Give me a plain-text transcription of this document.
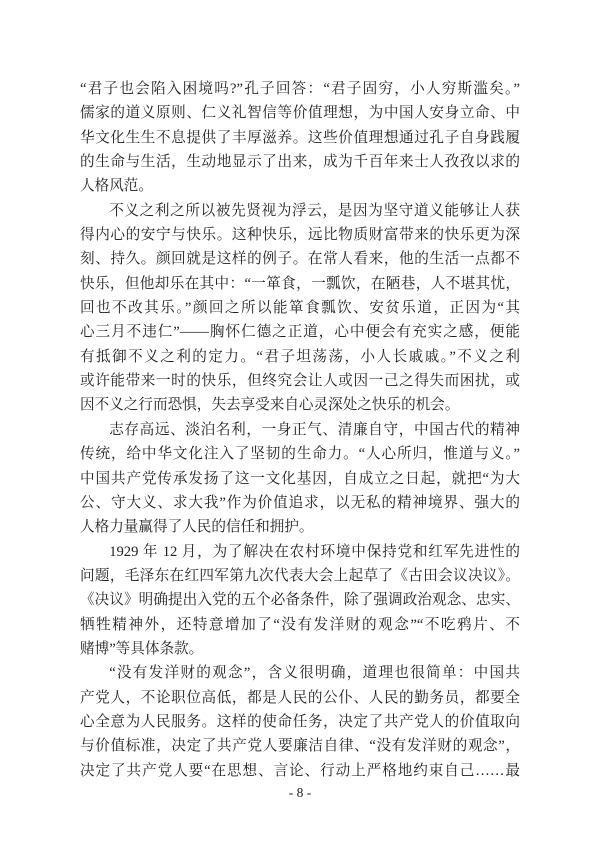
“君子也会陷入困境吗?”孔子回答：“君子固穷，小人穷斯滥矣。”
儒家的道义原则、仁义礼智信等价值理想，为中国人安身立命、中
华文化生生不息提供了丰厚滋养。这些价值理想通过孔子自身践履
的生命与生活，生动地显示了出来，成为千百年来士人孜孜以求的
人格风范。
不义之利之所以被先贤视为浮云，是因为坚守道义能够让人获
得内心的安宁与快乐。这种快乐，远比物质财富带来的快乐更为深
刻、持久。颜回就是这样的例子。在常人看来，他的生活一点都不
快乐，但他却乐在其中：“一箪食，一瓢饮，在陋巷，人不堪其忧，
回也不改其乐。”颜回之所以能箪食瓢饮、安贫乐道，正因为“其
心三月不违仁”——胸怀仁德之正道，心中便会有充实之感，便能
有抵御不义之利的定力。“君子坦荡荡，小人长戚戚。”不义之利
或许能带来一时的快乐，但终究会让人或因一己之得失而困扰，或
因不义之行而恐惧，失去享受来自心灵深处之快乐的机会。
志存高远、淡泊名利，一身正气、清廉自守，中国古代的精神
传统，给中华文化注入了坚韧的生命力。“人心所归，惟道与义。”
中国共产党传承发扬了这一文化基因，自成立之日起，就把“为大
公、守大义、求大我”作为价值追求，以无私的精神境界、强大的
人格力量赢得了人民的信任和拥护。
1929 年 12 月，为了解决在农村环境中保持党和红军先进性的
问题，毛泽东在红四军第九次代表大会上起草了《古田会议决议》。
《决议》明确提出入党的五个必备条件，除了强调政治观念、忠实、
牺牲精神外，还特意增加了“没有发洋财的观念”“不吃鸦片、不
赌博”等具体条款。
“没有发洋财的观念”，含义很明确，道理也很简单：中国共
产党人，不论职位高低，都是人民的公仆、人民的勤务员，都要全
心全意为人民服务。这样的使命任务，决定了共产党人的价值取向
与价值标准，决定了共产党人要廉洁自律、“没有发洋财的观念”，
决定了共产党人要“在思想、言论、行动上严格地约束自己……最
- 8 -
